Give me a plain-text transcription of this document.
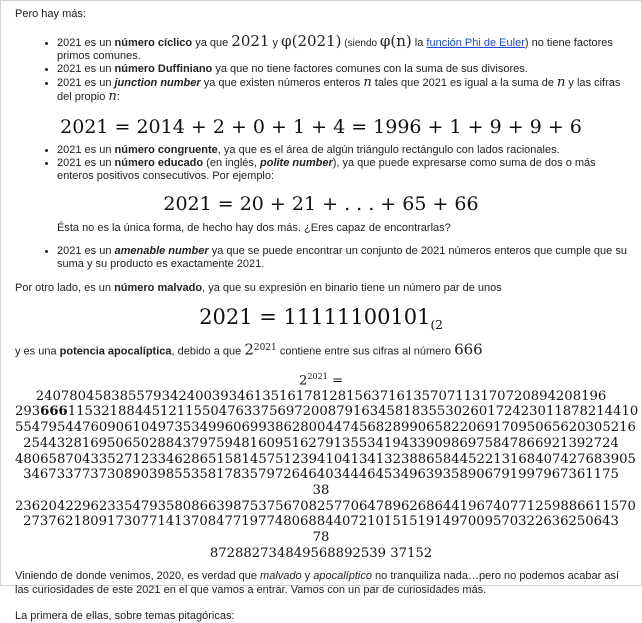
Pero hay más:

• 2021 es un número cíclico ya que 2021 y φ(2021) (siendo φ(n) la función Phi de Euler) no tiene factores primos comunes.
• 2021 es un número Duffiniano ya que no tiene factores comunes con la suma de sus divisores.
• 2021 es un junction number ya que existen números enteros n tales que 2021 es igual a la suma de n y las cifras del propio n:
2021 = 2014 + 2 + 0 + 1 + 4 = 1996 + 1 + 9 + 9 + 6
• 2021 es un número congruente, ya que es el área de algún triángulo rectángulo con lados racionales.
• 2021 es un número educado (en inglés, polite number), ya que puede expresarse como suma de dos o más enteros positivos consecutivos. Por ejemplo:
2021 = 20 + 21 + . . . + 65 + 66

Ésta no es la única forma, de hecho hay dos más. ¿Eres capaz de encontrarlas?

• 2021 es un amenable number ya que se puede encontrar un conjunto de 2021 números enteros que cumple que su suma y su producto es exactamente 2021.

Por otro lado, es un número malvado, ya que su expresión en binario tiene un número par de unos

$2021 = 11111100101_{(2}$

y es una potencia apocalíptica, debido a que $2^{2021}$ contiene entre sus cifras al número 666

$2^{2021} = 24078045838557934240039346135161781281563716135707113170720894208196$
29366611532188445121155047633756972008791634581835530260172423011878214410
55479544760906104973534996069938628004474568289906582206917095065620305216
25443281695065028843797594816095162791355341943390986975847866921392724
48065870433527123346286515814575123941041341323886584452213168407427683905
34673377373089039855358178357972646403444645349639358906791997967361175 38
23620422962335479358086639875375670825770647896268644196740771259886611570
27376218091730771413708477197748068844072101515191497009570322636250643 78
872882734849568892539 37152

Viniendo de donde venimos, 2020, es verdad que malvado y apocalíptico no tranquiliza nada…pero no podemos acabar así las curiosidades de este 2021 en el que vamos a entrar. Vamos con un par de curiosidades más.

La primera de ellas, sobre temas pitagóricas:
